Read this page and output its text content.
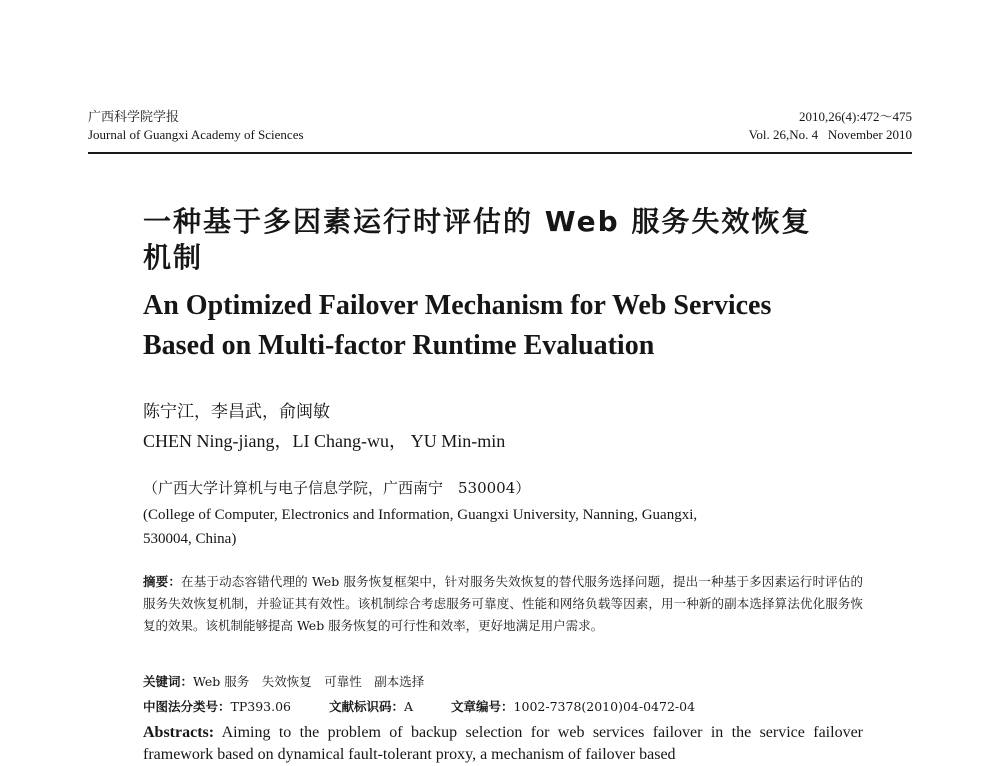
广西科学院学报
Journal of Guangxi Academy of Sciences
2010,26(4):472～475
Vol. 26,No. 4 November 2010
一种基于多因素运行时评估的 Web 服务失效恢复
机制
An Optimized Failover Mechanism for Web Services
Based on Multi-factor Runtime Evaluation
陈宁江，李昌武，俞闽敏
CHEN Ning-jiang，LI Chang-wu， YU Min-min
（广西大学计算机与电子信息学院，广西南宁　530004）
(College of Computer, Electronics and Information, Guangxi University, Nanning, Guangxi,
530004, China)
摘要：在基于动态容错代理的 Web 服务恢复框架中，针对服务失效恢复的替代服务选择问题，提出一种基于多因素运行时评估的服务失效恢复机制，并验证其有效性。该机制综合考虑服务可靠度、性能和网络负载等因素，用一种新的副本选择算法优化服务恢复的效果。该机制能够提高 Web 服务恢复的可行性和效率，更好地满足用户需求。
关键词：Web 服务　失效恢复　可靠性　副本选择
中图法分类号：TP393.06	文献标识码：A	文章编号：1002-7378(2010)04-0472-04
Abstracts: Aiming to the problem of backup selection for web services failover in the service failover framework based on dynamical fault-tolerant proxy, a mechanism of failover based
